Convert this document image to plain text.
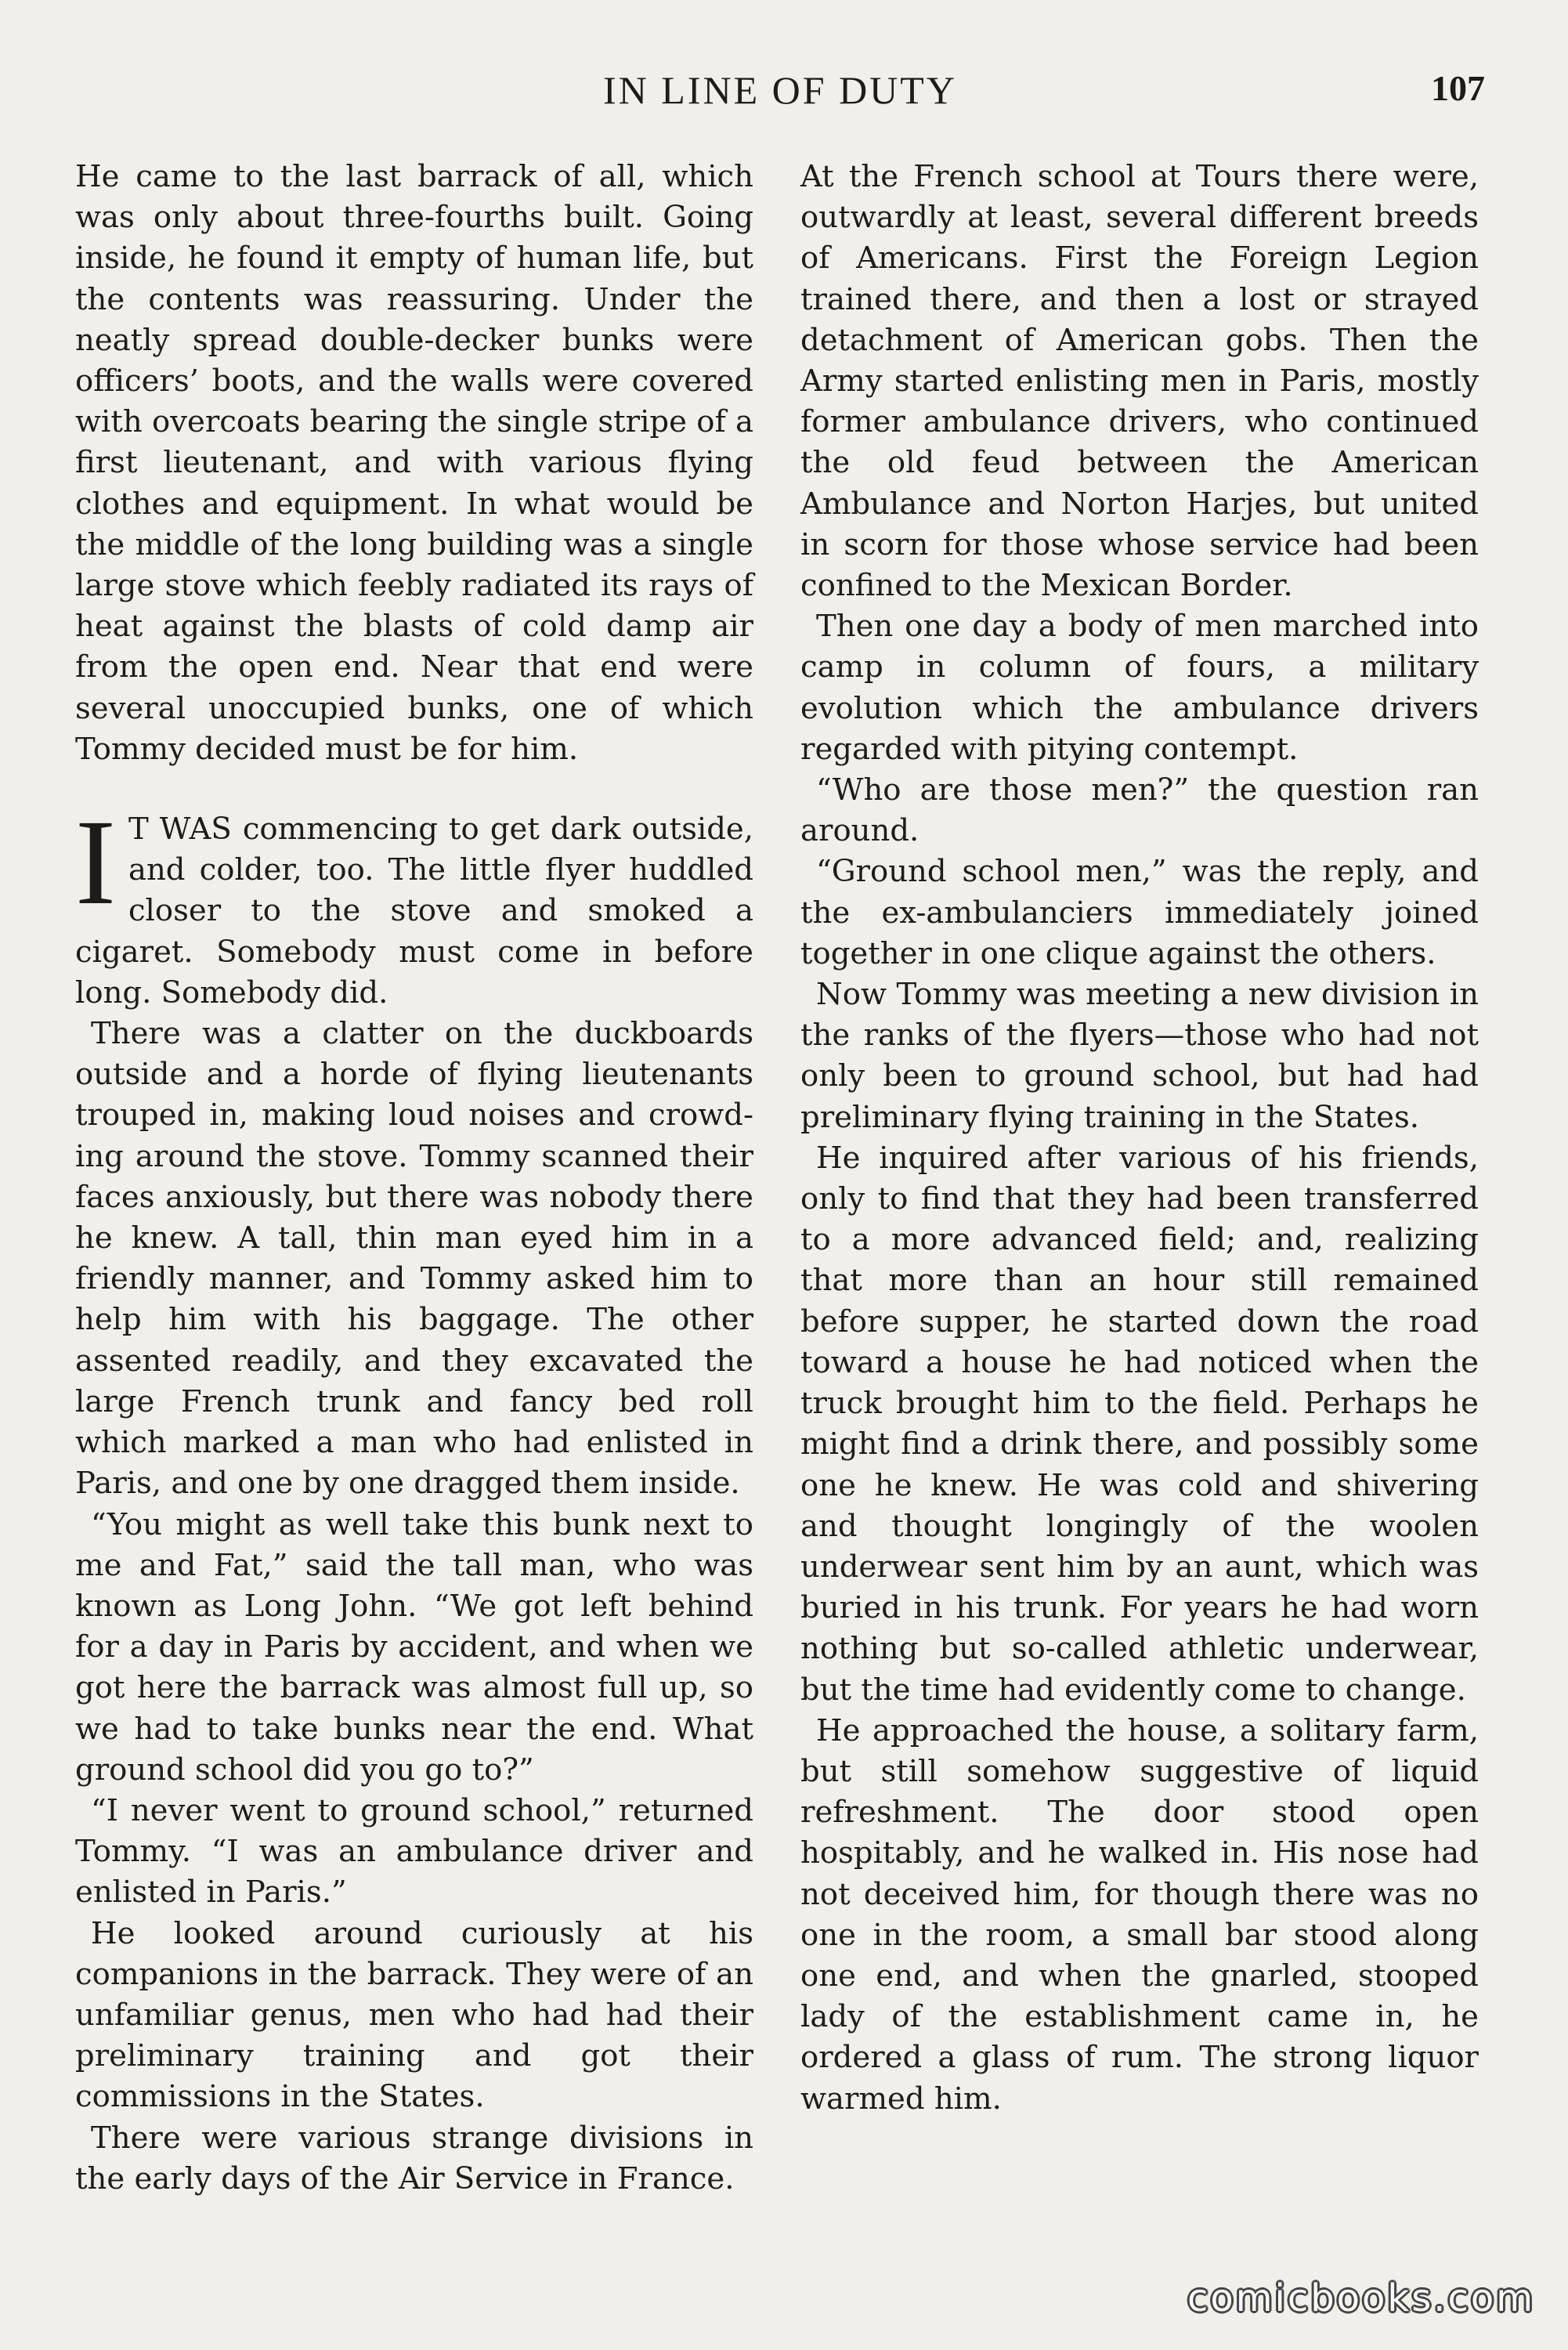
IN LINE OF DUTY	107

He came to the last barrack of all, which was only about three-fourths built. Going inside, he found it empty of human life, but the contents was reassuring. Under the neatly spread double-decker bunks were officers’ boots, and the walls were covered with overcoats bearing the single stripe of a first lieutenant, and with various flying clothes and equipment. In what would be the middle of the long building was a single large stove which feebly radiated its rays of heat against the blasts of cold damp air from the open end. Near that end were several unoccupied bunks, one of which Tommy decided must be for him.

I T WAS commencing to get dark outside, and colder, too. The little flyer huddled closer to the stove and smoked a cigaret. Somebody must come in before long. Somebody did.

There was a clatter on the duckboards outside and a horde of flying lieutenants trouped in, making loud noises and crowding around the stove. Tommy scanned their faces anxiously, but there was nobody there he knew. A tall, thin man eyed him in a friendly manner, and Tommy asked him to help him with his baggage. The other assented readily, and they excavated the large French trunk and fancy bed roll which marked a man who had enlisted in Paris, and one by one dragged them inside.

“You might as well take this bunk next to me and Fat,” said the tall man, who was known as Long John. “We got left behind for a day in Paris by accident, and when we got here the barrack was almost full up, so we had to take bunks near the end. What ground school did you go to?”

“I never went to ground school,” returned Tommy. “I was an ambulance driver and enlisted in Paris.”

He looked around curiously at his companions in the barrack. They were of an unfamiliar genus, men who had had their preliminary training and got their commissions in the States.

There were various strange divisions in the early days of the Air Service in France.

At the French school at Tours there were, outwardly at least, several different breeds of Americans. First the Foreign Legion trained there, and then a lost or strayed detachment of American gobs. Then the Army started enlisting men in Paris, mostly former ambulance drivers, who continued the old feud between the American Ambulance and Norton Harjes, but united in scorn for those whose service had been confined to the Mexican Border.

Then one day a body of men marched into camp in column of fours, a military evolution which the ambulance drivers regarded with pitying contempt.

“Who are those men?” the question ran around.

“Ground school men,” was the reply, and the ex-ambulanciers immediately joined together in one clique against the others.

Now Tommy was meeting a new division in the ranks of the flyers—those who had not only been to ground school, but had had preliminary flying training in the States.

He inquired after various of his friends, only to find that they had been transferred to a more advanced field; and, realizing that more than an hour still remained before supper, he started down the road toward a house he had noticed when the truck brought him to the field. Perhaps he might find a drink there, and possibly some one he knew. He was cold and shivering and thought longingly of the woolen underwear sent him by an aunt, which was buried in his trunk. For years he had worn nothing but so-called athletic underwear, but the time had evidently come to change.

He approached the house, a solitary farm, but still somehow suggestive of liquid refreshment. The door stood open hospitably, and he walked in. His nose had not deceived him, for though there was no one in the room, a small bar stood along one end, and when the gnarled, stooped lady of the establishment came in, he ordered a glass of rum. The strong liquor warmed him.

comicbooks.com
